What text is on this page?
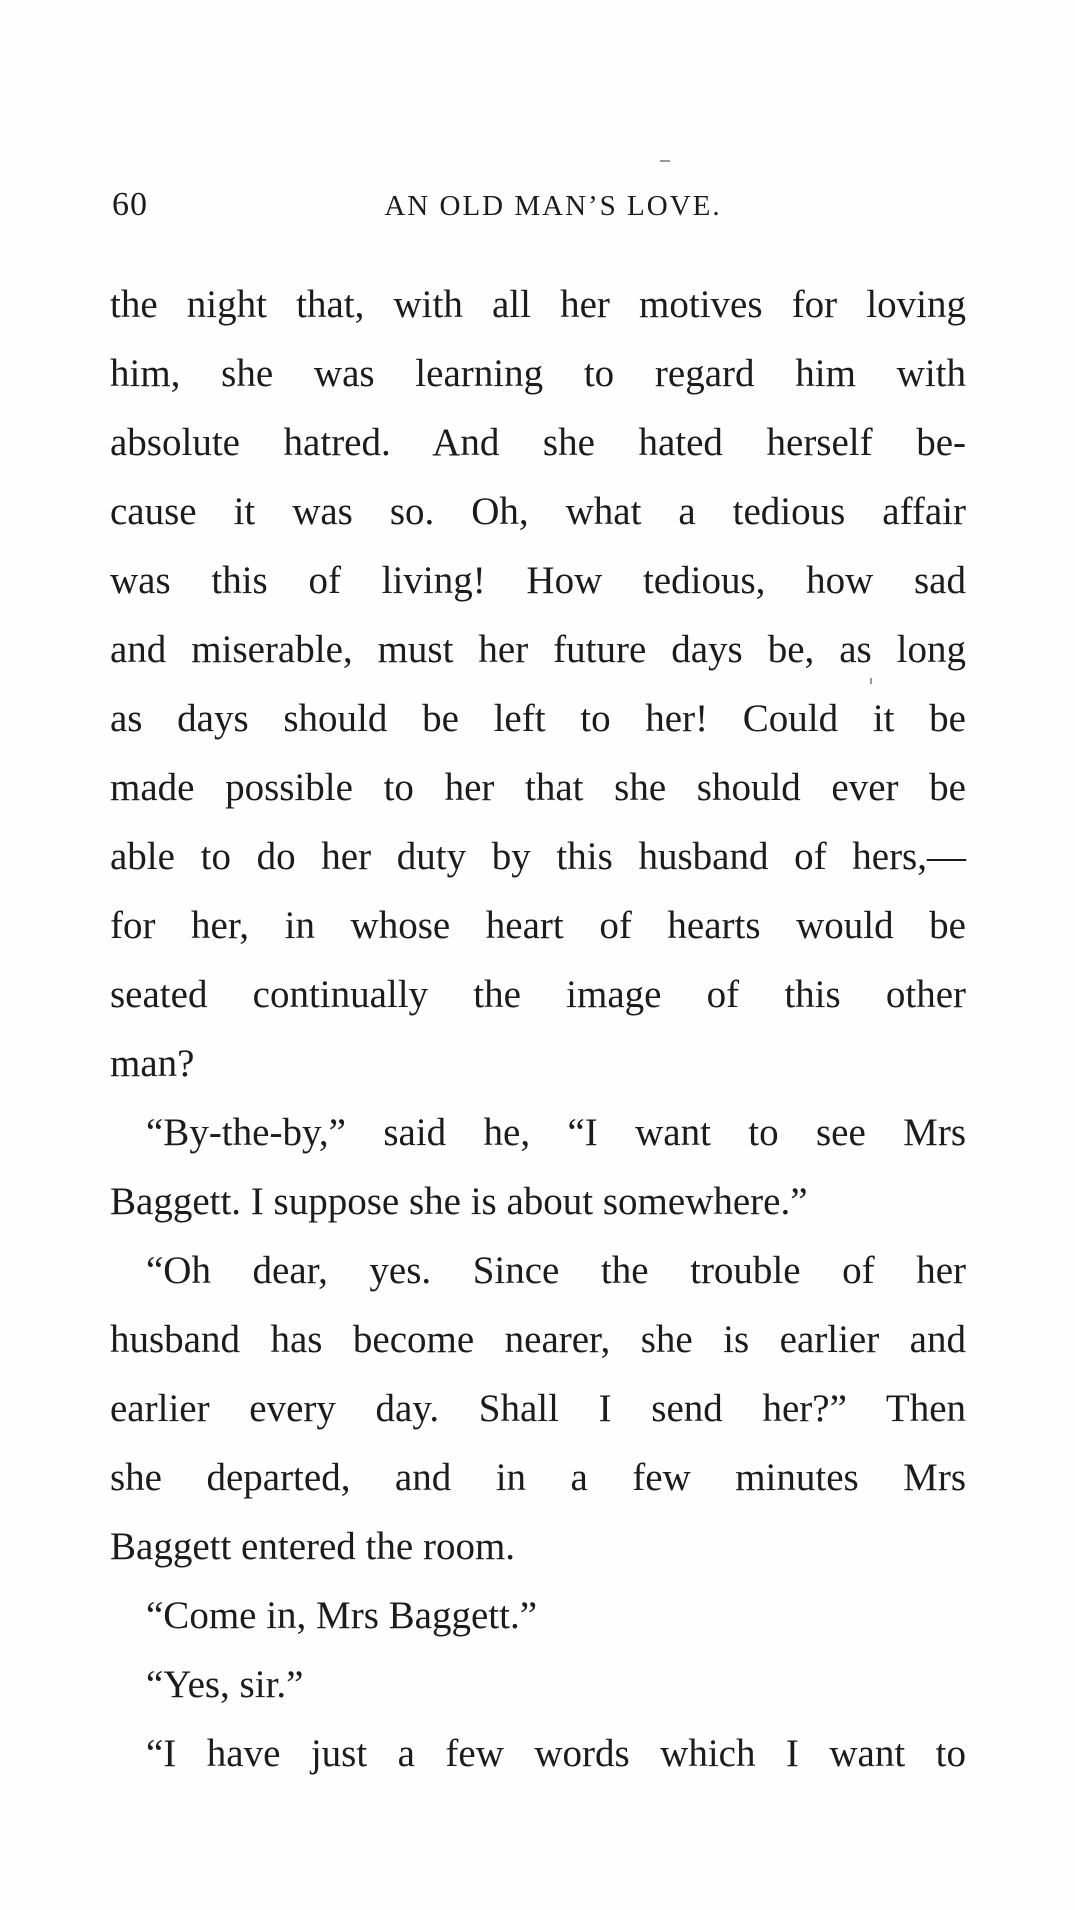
60	AN OLD MAN’S LOVE.
the night that, with all her motives for loving
him, she was learning to regard him with
absolute hatred. And she hated herself be-
cause it was so. Oh, what a tedious affair
was this of living! How tedious, how sad
and miserable, must her future days be, as long
as days should be left to her! Could it be
made possible to her that she should ever be
able to do her duty by this husband of hers,—
for her, in whose heart of hearts would be
seated continually the image of this other
man?
“By-the-by,” said he, “I want to see Mrs
Baggett. I suppose she is about somewhere.”
“Oh dear, yes. Since the trouble of her
husband has become nearer, she is earlier and
earlier every day. Shall I send her?” Then
she departed, and in a few minutes Mrs
Baggett entered the room.
“Come in, Mrs Baggett.”
“Yes, sir.”
“I have just a few words which I want to
